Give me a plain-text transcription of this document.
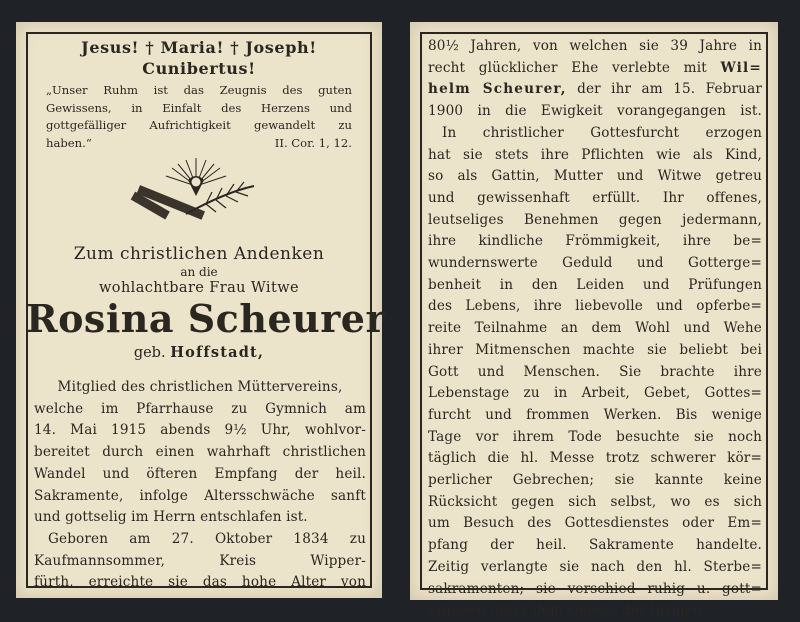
Jesus! † Maria! † Joseph!
Cunibertus!
„Unser Ruhm ist das Zeugnis des guten
Gewissens, in Einfalt des Herzens und
gottgefälliger Aufrichtigkeit gewandelt zu
haben.“	II. Cor. 1, 12.
Zum christlichen Andenken
an die
wohlachtbare Frau Witwe
Rosina Scheurer
geb. Hoffstadt,
Mitglied des christlichen Müttervereins,
welche im Pfarrhause zu Gymnich am
14. Mai 1915 abends 9½ Uhr, wohlvor-
bereitet durch einen wahrhaft christlichen
Wandel und öfteren Empfang der heil.
Sakramente, infolge Altersschwäche sanft
und gottselig im Herrn entschlafen ist.
Geboren am 27. Oktober 1834 zu
Kaufmannsommer, Kreis Wipper-
fürth, erreichte sie das hohe Alter von
80½ Jahren, von welchen sie 39 Jahre in
recht glücklicher Ehe verlebte mit Wil=
helm Scheurer, der ihr am 15. Februar
1900 in die Ewigkeit vorangegangen ist.
In christlicher Gottesfurcht erzogen
hat sie stets ihre Pflichten wie als Kind,
so als Gattin, Mutter und Witwe getreu
und gewissenhaft erfüllt. Ihr offenes,
leutseliges Benehmen gegen jedermann,
ihre kindliche Frömmigkeit, ihre be=
wundernswerte Geduld und Gotterge=
benheit in den Leiden und Prüfungen
des Lebens, ihre liebevolle und opferbe=
reite Teilnahme an dem Wohl und Wehe
ihrer Mitmenschen machte sie beliebt bei
Gott und Menschen. Sie brachte ihre
Lebenstage zu in Arbeit, Gebet, Gottes=
furcht und frommen Werken. Bis wenige
Tage vor ihrem Tode besuchte sie noch
täglich die hl. Messe trotz schwerer kör=
perlicher Gebrechen; sie kannte keine
Rücksicht gegen sich selbst, wo es sich
um Besuch des Gottesdienstes oder Em=
pfang der heil. Sakramente handelte.
Zeitig verlangte sie nach den hl. Sterbe=
sakramenten; sie verschied ruhig u. gott=
ergeben unter dem Gebete der Ihrigen.
